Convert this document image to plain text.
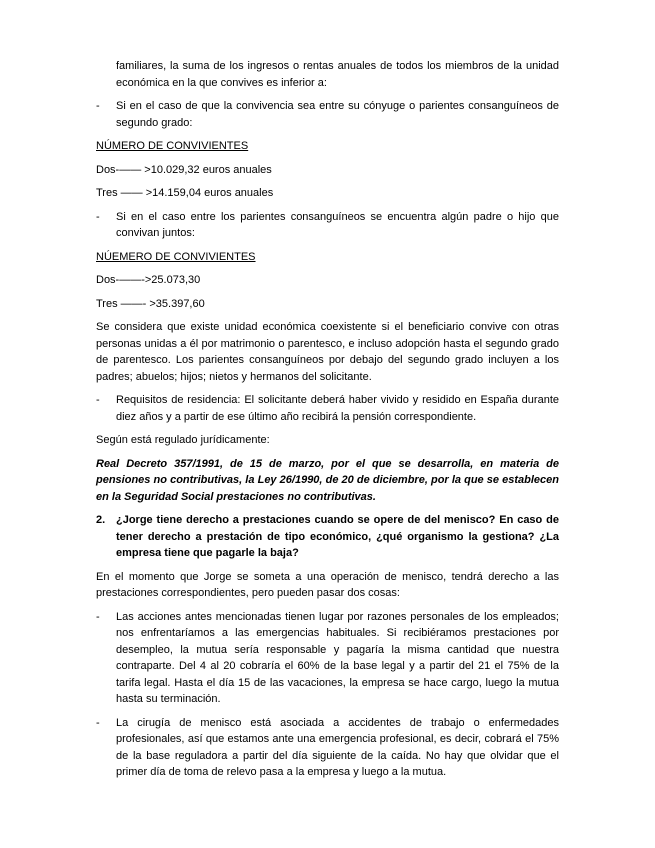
familiares, la suma de los ingresos o rentas anuales de todos los miembros de la unidad económica en la que convives es inferior a:

- Si en el caso de que la convivencia sea entre su cónyuge o parientes consanguíneos de segundo grado:

NÚMERO DE CONVIVIENTES

Dos-—— >10.029,32 euros anuales

Tres —— >14.159,04 euros anuales

- Si en el caso entre los parientes consanguíneos se encuentra algún padre o hijo que convivan juntos:

NÚEMERO DE CONVIVIENTES

Dos-——->25.073,30

Tres ——- >35.397,60

Se considera que existe unidad económica coexistente si el beneficiario convive con otras personas unidas a él por matrimonio o parentesco, e incluso adopción hasta el segundo grado de parentesco. Los parientes consanguíneos por debajo del segundo grado incluyen a los padres; abuelos; hijos; nietos y hermanos del solicitante.

- Requisitos de residencia: El solicitante deberá haber vivido y residido en España durante diez años y a partir de ese último año recibirá la pensión correspondiente.

Según está regulado jurídicamente:

Real Decreto 357/1991, de 15 de marzo, por el que se desarrolla, en materia de pensiones no contributivas, la Ley 26/1990, de 20 de diciembre, por la que se establecen en la Seguridad Social prestaciones no contributivas.

2. ¿Jorge tiene derecho a prestaciones cuando se opere de del menisco? En caso de tener derecho a prestación de tipo económico, ¿qué organismo la gestiona? ¿La empresa tiene que pagarle la baja?

En el momento que Jorge se someta a una operación de menisco, tendrá derecho a las prestaciones correspondientes, pero pueden pasar dos cosas:

- Las acciones antes mencionadas tienen lugar por razones personales de los empleados; nos enfrentaríamos a las emergencias habituales. Si recibiéramos prestaciones por desempleo, la mutua sería responsable y pagaría la misma cantidad que nuestra contraparte. Del 4 al 20 cobraría el 60% de la base legal y a partir del 21 el 75% de la tarifa legal. Hasta el día 15 de las vacaciones, la empresa se hace cargo, luego la mutua hasta su terminación.
- La cirugía de menisco está asociada a accidentes de trabajo o enfermedades profesionales, así que estamos ante una emergencia profesional, es decir, cobrará el 75% de la base reguladora a partir del día siguiente de la caída. No hay que olvidar que el primer día de toma de relevo pasa a la empresa y luego a la mutua.
